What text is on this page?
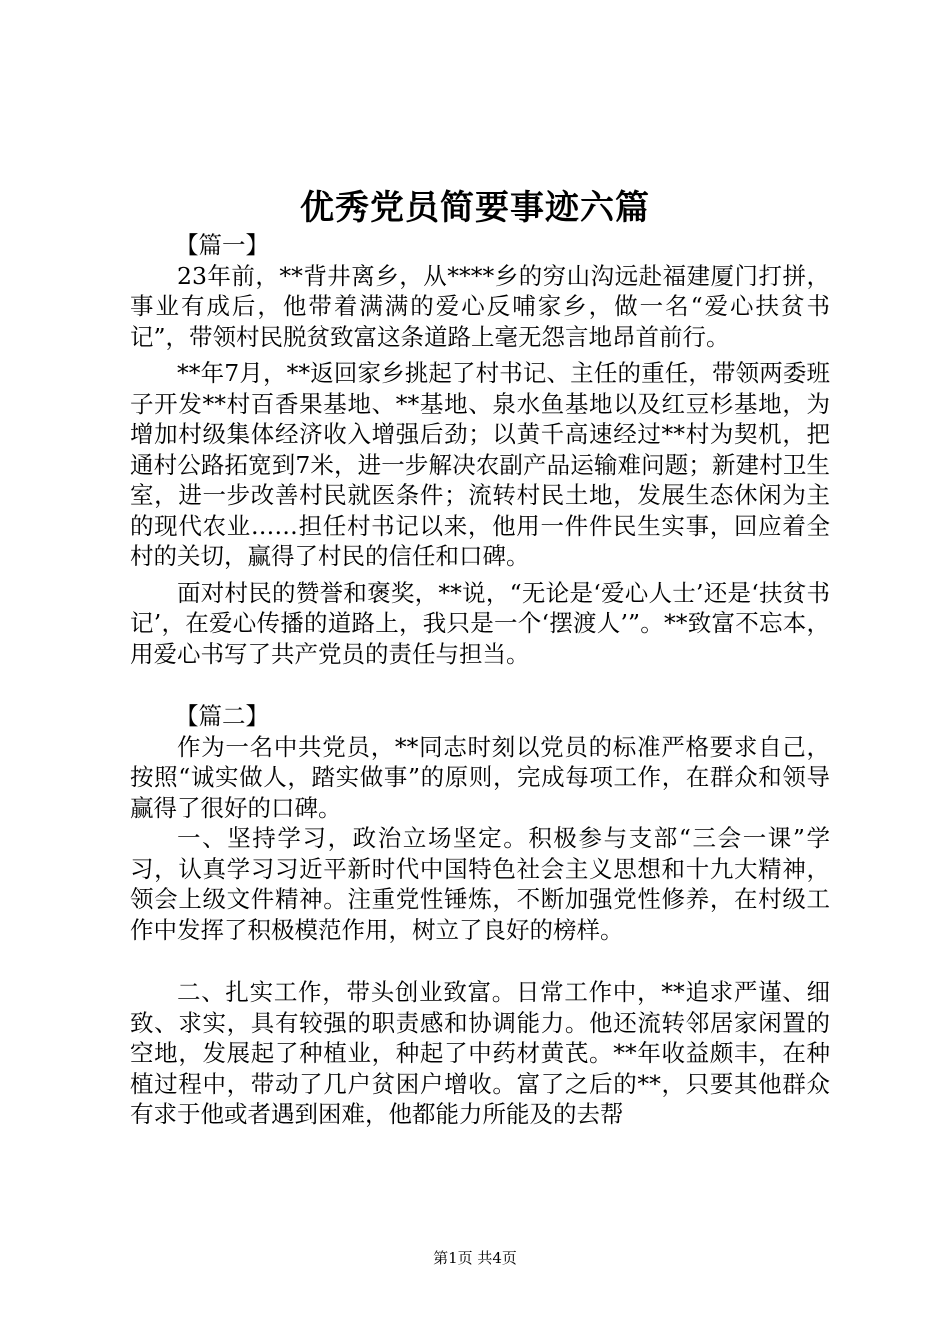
优秀党员简要事迹六篇

【篇一】

23年前，**背井离乡，从****乡的穷山沟远赴福建厦门打拼，事业有成后，他带着满满的爱心反哺家乡，做一名“爱心扶贫书记”，带领村民脱贫致富这条道路上毫无怨言地昂首前行。

**年7月，**返回家乡挑起了村书记、主任的重任，带领两委班子开发**村百香果基地、**基地、泉水鱼基地以及红豆杉基地，为增加村级集体经济收入增强后劲；以黄千高速经过**村为契机，把通村公路拓宽到7米，进一步解决农副产品运输难问题；新建村卫生室，进一步改善村民就医条件；流转村民土地，发展生态休闲为主的现代农业……担任村书记以来，他用一件件民生实事，回应着全村的关切，赢得了村民的信任和口碑。

面对村民的赞誉和褒奖，**说，“无论是‘爱心人士’还是‘扶贫书记’，在爱心传播的道路上，我只是一个‘摆渡人’”。**致富不忘本，用爱心书写了共产党员的责任与担当。

【篇二】

作为一名中共党员，**同志时刻以党员的标准严格要求自己，按照“诚实做人，踏实做事”的原则，完成每项工作，在群众和领导赢得了很好的口碑。

一、坚持学习，政治立场坚定。积极参与支部“三会一课”学习，认真学习习近平新时代中国特色社会主义思想和十九大精神，领会上级文件精神。注重党性锤炼，不断加强党性修养，在村级工作中发挥了积极模范作用，树立了良好的榜样。

二、扎实工作，带头创业致富。日常工作中，**追求严谨、细致、求实，具有较强的职责感和协调能力。他还流转邻居家闲置的空地，发展起了种植业，种起了中药材黄芪。**年收益颇丰，在种植过程中，带动了几户贫困户增收。富了之后的**，只要其他群众有求于他或者遇到困难，他都能力所能及的去帮

第1页 共4页
